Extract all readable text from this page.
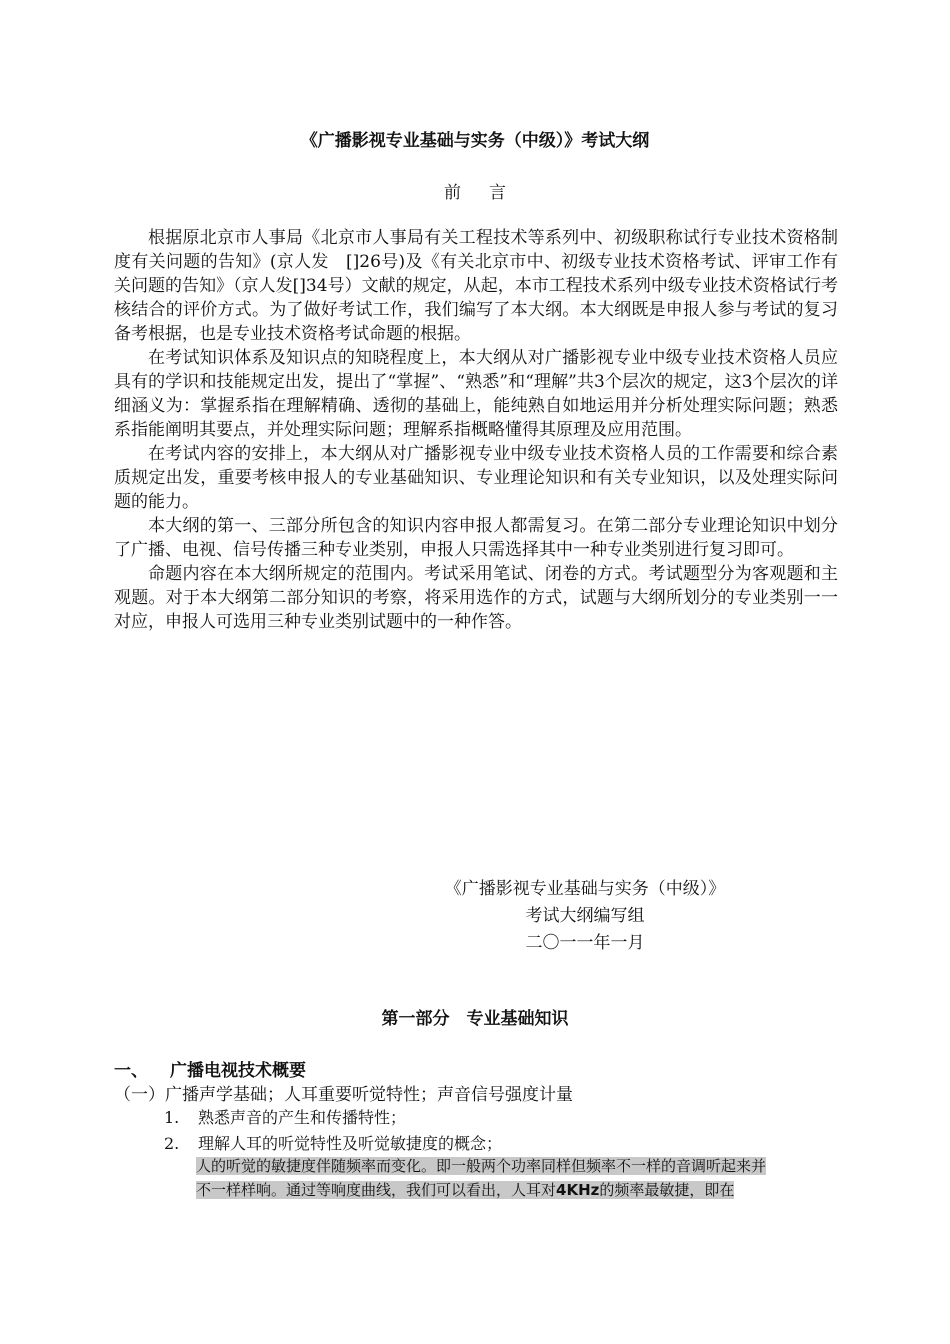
《广播影视专业基础与实务（中级）》考试大纲
前言

根据原北京市人事局《北京市人事局有关工程技术等系列中、初级职称试行专业技术资格制度有关问题的告知》(京人发　[]26号)及《有关北京市中、初级专业技术资格考试、评审工作有关问题的告知》（京人发[]34号）文献的规定，从起，本市工程技术系列中级专业技术资格试行考核结合的评价方式。为了做好考试工作，我们编写了本大纲。本大纲既是申报人参与考试的复习备考根据，也是专业技术资格考试命题的根据。

在考试知识体系及知识点的知晓程度上，本大纲从对广播影视专业中级专业技术资格人员应具有的学识和技能规定出发，提出了“掌握”、“熟悉”和“理解”共3个层次的规定，这3个层次的详细涵义为：掌握系指在理解精确、透彻的基础上，能纯熟自如地运用并分析处理实际问题；熟悉系指能阐明其要点，并处理实际问题；理解系指概略懂得其原理及应用范围。

在考试内容的安排上，本大纲从对广播影视专业中级专业技术资格人员的工作需要和综合素质规定出发，重要考核申报人的专业基础知识、专业理论知识和有关专业知识，以及处理实际问题的能力。

本大纲的第一、三部分所包含的知识内容申报人都需复习。在第二部分专业理论知识中划分了广播、电视、信号传播三种专业类别，申报人只需选择其中一种专业类别进行复习即可。

命题内容在本大纲所规定的范围内。考试采用笔试、闭卷的方式。考试题型分为客观题和主观题。对于本大纲第二部分知识的考察，将采用选作的方式，试题与大纲所划分的专业类别一一对应，申报人可选用三种专业类别试题中的一种作答。

《广播影视专业基础与实务（中级）》
考试大纲编写组
二〇一一年一月
第一部分　专业基础知识
一、 广播电视技术概要
（一）广播声学基础；人耳重要听觉特性；声音信号强度计量
1. 熟悉声音的产生和传播特性；
2. 理解人耳的听觉特性及听觉敏捷度的概念；
人的听觉的敏捷度伴随频率而变化。即一般两个功率同样但频率不一样的音调听起来并
不一样样响。通过等响度曲线，我们可以看出，人耳对4KHz的频率最敏捷，即在
